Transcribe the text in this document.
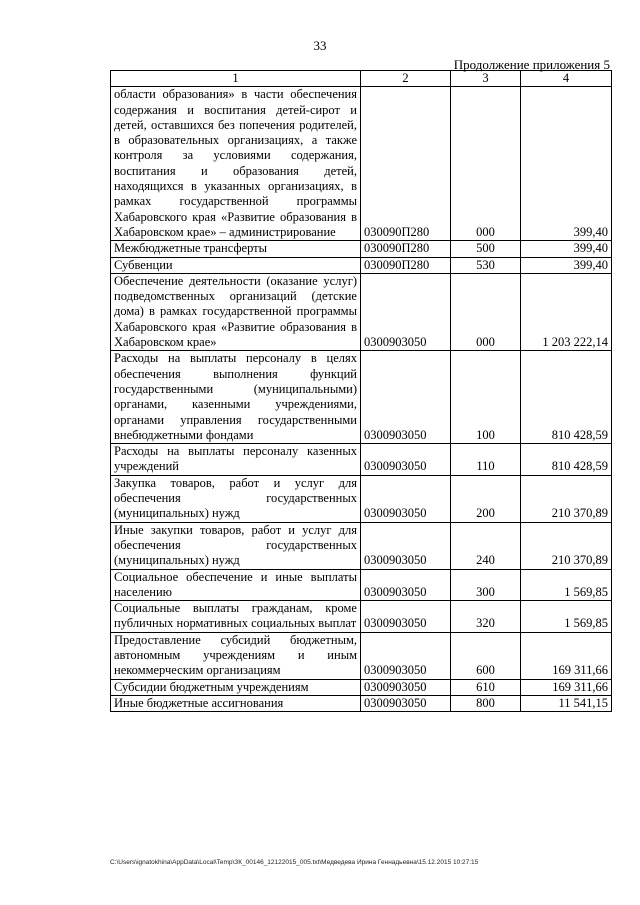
33
Продолжение приложения 5
1	2	3	4
области образования» в части обеспечения содержания и воспитания детей-сирот и детей, оставшихся без попечения родителей, в образовательных организациях, а также контроля за условиями содержания, воспитания и образования детей, находящихся в указанных организациях, в рамках государственной программы Хабаровского края «Развитие образования в Хабаровском крае» – администрирование	030090П280	000	399,40
Межбюджетные трансферты	030090П280	500	399,40
Субвенции	030090П280	530	399,40
Обеспечение деятельности (оказание услуг) подведомственных организаций (детские дома) в рамках государственной программы Хабаровского края «Развитие образования в Хабаровском крае»	0300903050	000	1 203 222,14
Расходы на выплаты персоналу в целях обеспечения выполнения функций государственными (муниципальными) органами, казенными учреждениями, органами управления государственными внебюджетными фондами	0300903050	100	810 428,59
Расходы на выплаты персоналу казенных учреждений	0300903050	110	810 428,59
Закупка товаров, работ и услуг для обеспечения государственных (муниципальных) нужд	0300903050	200	210 370,89
Иные закупки товаров, работ и услуг для обеспечения государственных (муниципальных) нужд	0300903050	240	210 370,89
Социальное обеспечение и иные выплаты населению	0300903050	300	1 569,85
Социальные выплаты гражданам, кроме публичных нормативных социальных выплат	0300903050	320	1 569,85
Предоставление субсидий бюджетным, автономным учреждениям и иным некоммерческим организациям	0300903050	600	169 311,66
Субсидии бюджетным учреждениям	0300903050	610	169 311,66
Иные бюджетные ассигнования	0300903050	800	11 541,15
C:\Users\ignatokhina\AppData\Local\Temp\ЗК_00146_12122015_005.txt\Медведева Ирина Геннадьевна\15.12.2015 10:27:15
